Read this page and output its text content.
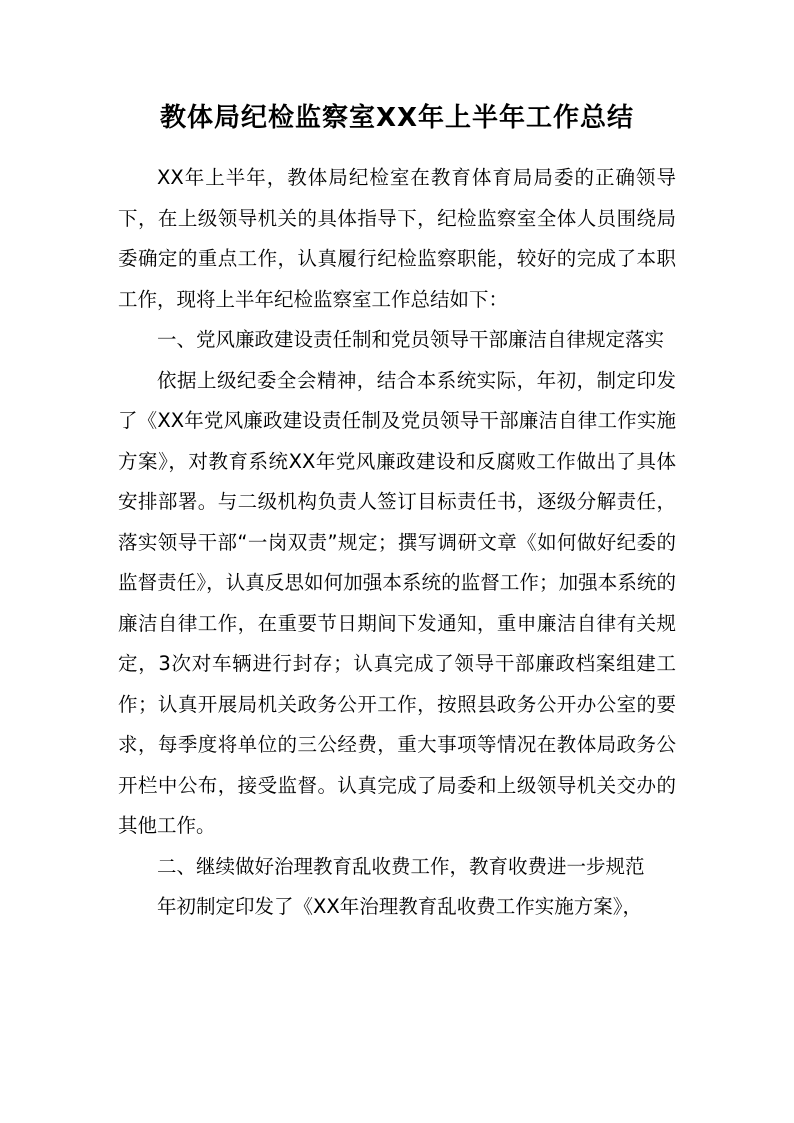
教体局纪检监察室XX年上半年工作总结

XX年上半年，教体局纪检室在教育体育局局委的正确领导下，在上级领导机关的具体指导下，纪检监察室全体人员围绕局委确定的重点工作，认真履行纪检监察职能，较好的完成了本职工作，现将上半年纪检监察室工作总结如下：

一、党风廉政建设责任制和党员领导干部廉洁自律规定落实

依据上级纪委全会精神，结合本系统实际，年初，制定印发了《XX年党风廉政建设责任制及党员领导干部廉洁自律工作实施方案》，对教育系统XX年党风廉政建设和反腐败工作做出了具体安排部署。与二级机构负责人签订目标责任书，逐级分解责任，落实领导干部“一岗双责”规定；撰写调研文章《如何做好纪委的监督责任》，认真反思如何加强本系统的监督工作；加强本系统的廉洁自律工作，在重要节日期间下发通知，重申廉洁自律有关规定，3次对车辆进行封存；认真完成了领导干部廉政档案组建工作；认真开展局机关政务公开工作，按照县政务公开办公室的要求，每季度将单位的三公经费，重大事项等情况在教体局政务公开栏中公布，接受监督。认真完成了局委和上级领导机关交办的其他工作。

二、继续做好治理教育乱收费工作，教育收费进一步规范

年初制定印发了《XX年治理教育乱收费工作实施方案》，
